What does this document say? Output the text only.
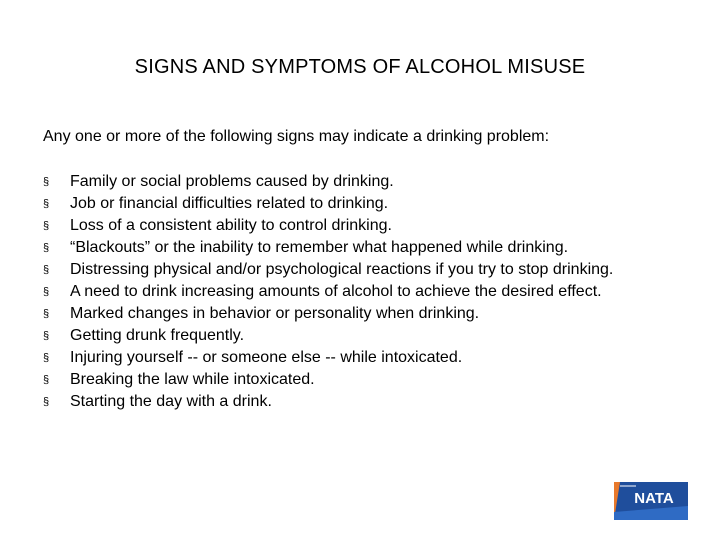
SIGNS AND SYMPTOMS OF ALCOHOL MISUSE
Any one or more of the following signs may indicate a drinking problem:
§	Family or social problems caused by drinking.
§	Job or financial difficulties related to drinking.
§	Loss of a consistent ability to control drinking.
§	“Blackouts” or the inability to remember what happened while drinking.
§	Distressing physical and/or psychological reactions if you try to stop drinking.
§	A need to drink increasing amounts of alcohol to achieve the desired effect.
§	Marked changes in behavior or personality when drinking.
§	Getting drunk frequently.
§	Injuring yourself -- or someone else -- while intoxicated.
§	Breaking the law while intoxicated.
§	Starting the day with a drink.
NATA
